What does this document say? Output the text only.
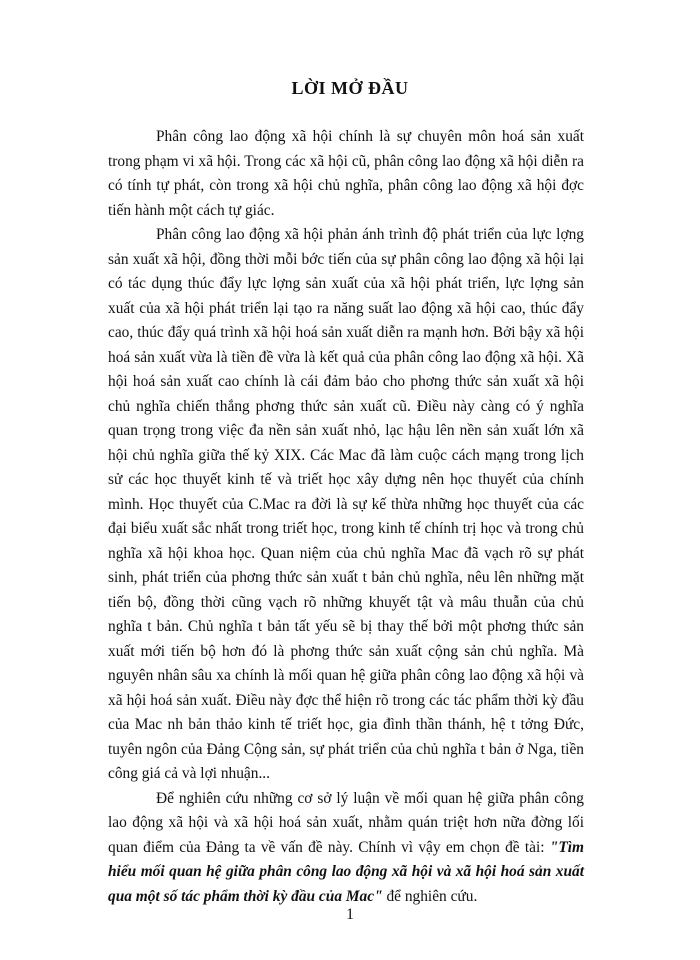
LỜI MỞ ĐẦU

Phân công lao động xã hội chính là sự chuyên môn hoá sản xuất trong phạm vi xã hội. Trong các xã hội cũ, phân công lao động xã hội diễn ra có tính tự phát, còn trong xã hội chủ nghĩa, phân công lao động xã hội đợc tiến hành một cách tự giác.

Phân công lao động xã hội phản ánh trình độ phát triển của lực lợng sản xuất xã hội, đồng thời mỗi bớc tiến của sự phân công lao động xã hội lại có tác dụng thúc đẩy lực lợng sản xuất của xã hội phát triển, lực lợng sản xuất của xã hội phát triển lại tạo ra năng suất lao động xã hội cao, thúc đẩy cao, thúc đẩy quá trình xã hội hoá sản xuất diễn ra mạnh hơn. Bởi bậy xã hội hoá sản xuất vừa là tiền đề vừa là kết quả của phân công lao động xã hội. Xã hội hoá sản xuất cao chính là cái đảm bảo cho phơng thức sản xuất xã hội chủ nghĩa chiến thắng phơng thức sản xuất cũ. Điều này càng có ý nghĩa quan trọng trong việc đa nền sản xuất nhỏ, lạc hậu lên nền sản xuất lớn xã hội chủ nghĩa giữa thế kỷ XIX. Các Mac đã làm cuộc cách mạng trong lịch sử các học thuyết kinh tế và triết học xây dựng nên học thuyết của chính mình. Học thuyết của C.Mac ra đời là sự kế thừa những học thuyết của các đại biểu xuất sắc nhất trong triết học, trong kinh tế chính trị học và trong chủ nghĩa xã hội khoa học. Quan niệm của chủ nghĩa Mac đã vạch rõ sự phát sinh, phát triển của phơng thức sản xuất t bản chủ nghĩa, nêu lên những mặt tiến bộ, đồng thời cũng vạch rõ những khuyết tật và mâu thuẫn của chủ nghĩa t bản. Chủ nghĩa t bản tất yếu sẽ bị thay thế bởi một phơng thức sản xuất mới tiến bộ hơn đó là phơng thức sản xuất cộng sản chủ nghĩa. Mà nguyên nhân sâu xa chính là mối quan hệ giữa phân công lao động xã hội và xã hội hoá sản xuất. Điều này đợc thể hiện rõ trong các tác phẩm thời kỳ đầu của Mac nh bản thảo kinh tế triết học, gia đình thần thánh, hệ t tởng Đức, tuyên ngôn của Đảng Cộng sản, sự phát triển của chủ nghĩa t bản ở Nga, tiền công giá cả và lợi nhuận...

Để nghiên cứu những cơ sở lý luận về mối quan hệ giữa phân công lao động xã hội và xã hội hoá sản xuất, nhằm quán triệt hơn nữa đờng lối quan điểm của Đảng ta về vấn đề này. Chính vì vậy em chọn đề tài: "Tìm hiểu mối quan hệ giữa phân công lao động xã hội và xã hội hoá sản xuất qua một số tác phẩm thời kỳ đầu của Mac" để nghiên cứu.

1
